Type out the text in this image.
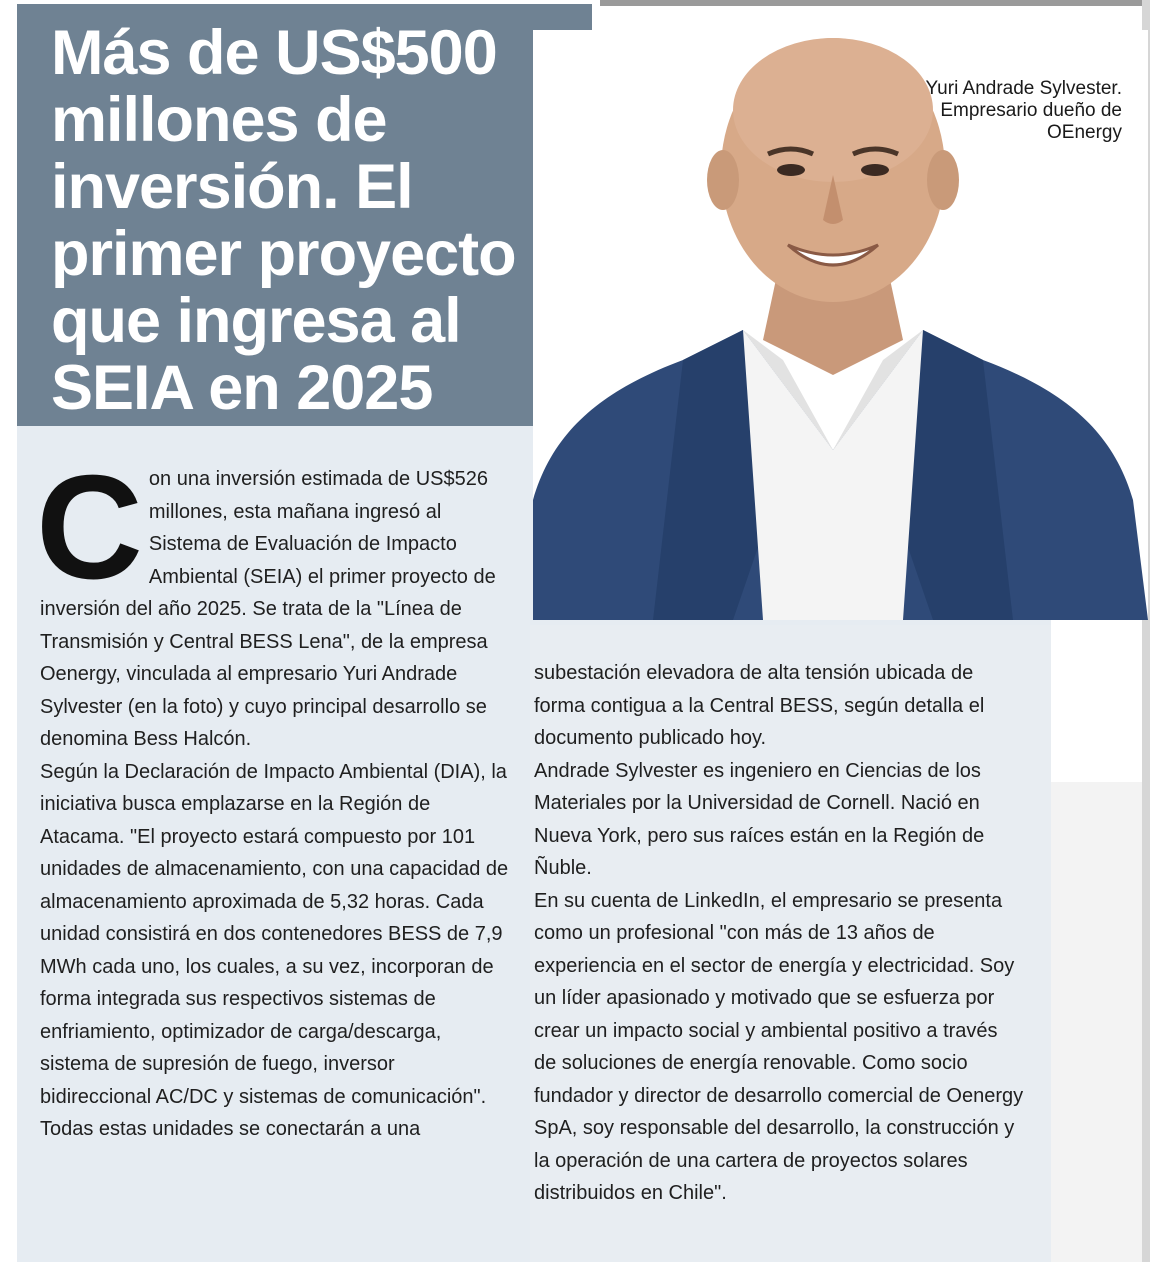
Más de US$500 millones de inversión. El primer proyecto que ingresa al SEIA en 2025

Yuri Andrade Sylvester. Empresario dueño de OEnergy

C on una inversión estimada de US$526 millones, esta mañana ingresó al Sistema de Evaluación de Impacto Ambiental (SEIA) el primer proyecto de inversión del año 2025. Se trata de la "Línea de Transmisión y Central BESS Lena", de la empresa Oenergy, vinculada al empresario Yuri Andrade Sylvester (en la foto) y cuyo principal desarrollo se denomina Bess Halcón.

Según la Declaración de Impacto Ambiental (DIA), la iniciativa busca emplazarse en la Región de Atacama. "El proyecto estará compuesto por 101 unidades de almacenamiento, con una capacidad de almacenamiento aproximada de 5,32 horas. Cada unidad consistirá en dos contenedores BESS de 7,9 MWh cada uno, los cuales, a su vez, incorporan de forma integrada sus respectivos sistemas de enfriamiento, optimizador de carga/descarga, sistema de supresión de fuego, inversor bidireccional AC/DC y sistemas de comunicación".

Todas estas unidades se conectarán a una

subestación elevadora de alta tensión ubicada de forma contigua a la Central BESS, según detalla el documento publicado hoy.

Andrade Sylvester es ingeniero en Ciencias de los Materiales por la Universidad de Cornell. Nació en Nueva York, pero sus raíces están en la Región de Ñuble.

En su cuenta de LinkedIn, el empresario se presenta como un profesional "con más de 13 años de experiencia en el sector de energía y electricidad. Soy un líder apasionado y motivado que se esfuerza por crear un impacto social y ambiental positivo a través de soluciones de energía renovable. Como socio fundador y director de desarrollo comercial de Oenergy SpA, soy responsable del desarrollo, la construcción y la operación de una cartera de proyectos solares distribuidos en Chile".
